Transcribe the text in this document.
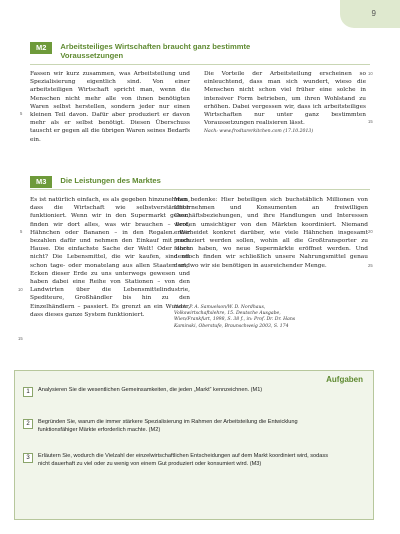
9
M2	Arbeitsteiliges Wirtschaften braucht ganz bestimmte Voraussetzungen

Fassen wir kurz zusammen, was Arbeitsteilung und Spezialisierung eigentlich sind. Von einer arbeitsteiligen Wirtschaft spricht man, wenn die Menschen nicht mehr alle von ihnen benötigten Waren selbst herstellen, sondern jeder nur einen kleinen Teil davon. Dafür aber produziert er davon mehr als er selbst benötigt. Diesen Überschuss tauscht er gegen all die übrigen Waren seines Bedarfs ein.

5

Die Vorteile der Arbeitsteilung erscheinen so einleuchtend, dass man sich wundert, wieso die Menschen nicht schon viel früher eine solche in intensiver Form betrieben, um ihren Wohlstand zu erhöhen. Dabei vergessen wir, dass ich arbeitsteiliges Wirtschaften nur unter ganz bestimmten Voraussetzungen realisieren lässt.

Nach: www.frodtarerkitchen.com (17.10.2013)

10
15
M3	Die Leistungen des Marktes

Es ist natürlich einfach, es als gegeben hinzunehmen, dass die Wirtschaft wie selbstverständlich funktioniert. Wenn wir in den Supermarkt gehen, finden wir dort alles, was wir brauchen – Brot, Hähnchen oder Bananen – in den Regalen. Wir bezahlen dafür und nehmen den Einkauf mit nach Hause. Die einfachste Sache der Welt! Oder doch nicht? Die Lebensmittel, die wir kaufen, sind oft schon tage- oder monatelang aus allen Staaten und Ecken dieser Erde zu uns unterwegs gewesen und haben dabei eine Reihe von Stationen – von den Landwirten über die Lebensmittelindustrie, Spediteure, Großhändler bis hin zu den Einzelhändlern – passiert. Es grenzt an ein Wunder, dass dieses ganze System funktioniert.

5
10
15

Man bedenke: Hier beteiligen sich buchstäblich Millionen von Unternehmen und Konsumenten an freiwilligen Geschäftsbeziehungen, und ihre Handlungen und Interessen werden umsichtiger von den Märkten koordiniert. Niemand entscheidet konkret darüber, wie viele Hähnchen insgesamt produziert werden sollen, wohin all die Großtransporter zu fahren haben, wo neue Supermärkte eröffnet werden. Und dennoch finden wir schließlich unsere Nahrungsmittel genau dort, wo wir sie benötigen in ausreichender Menge.

Nach: P. A. Samuelson/W. D. Nordhaus, Volkswirtschaftslehre, 15. Deutsche Ausgabe, Wien/Frankfurt, 1998, S. 38 f., in: Prof. Dr. Dr. Hans Kaminski, Oberstufe, Braunschweig 2003, S. 174

20
25
Aufgaben
1	Analysieren Sie die wesentlichen Gemeinsamkeiten, die jeden „Markt“ kennzeichnen. (M1)
2	Begründen Sie, warum die immer stärkere Spezialisierung im Rahmen der Arbeitsteilung die Entwicklung funktionsfähiger Märkte erforderlich machte. (M2)
3	Erläutern Sie, wodurch die Vielzahl der einzelwirtschaftlichen Entscheidungen auf dem Markt koordiniert wird, sodass nicht dauerhaft zu viel oder zu wenig von einem Gut produziert oder konsumiert wird. (M3)
